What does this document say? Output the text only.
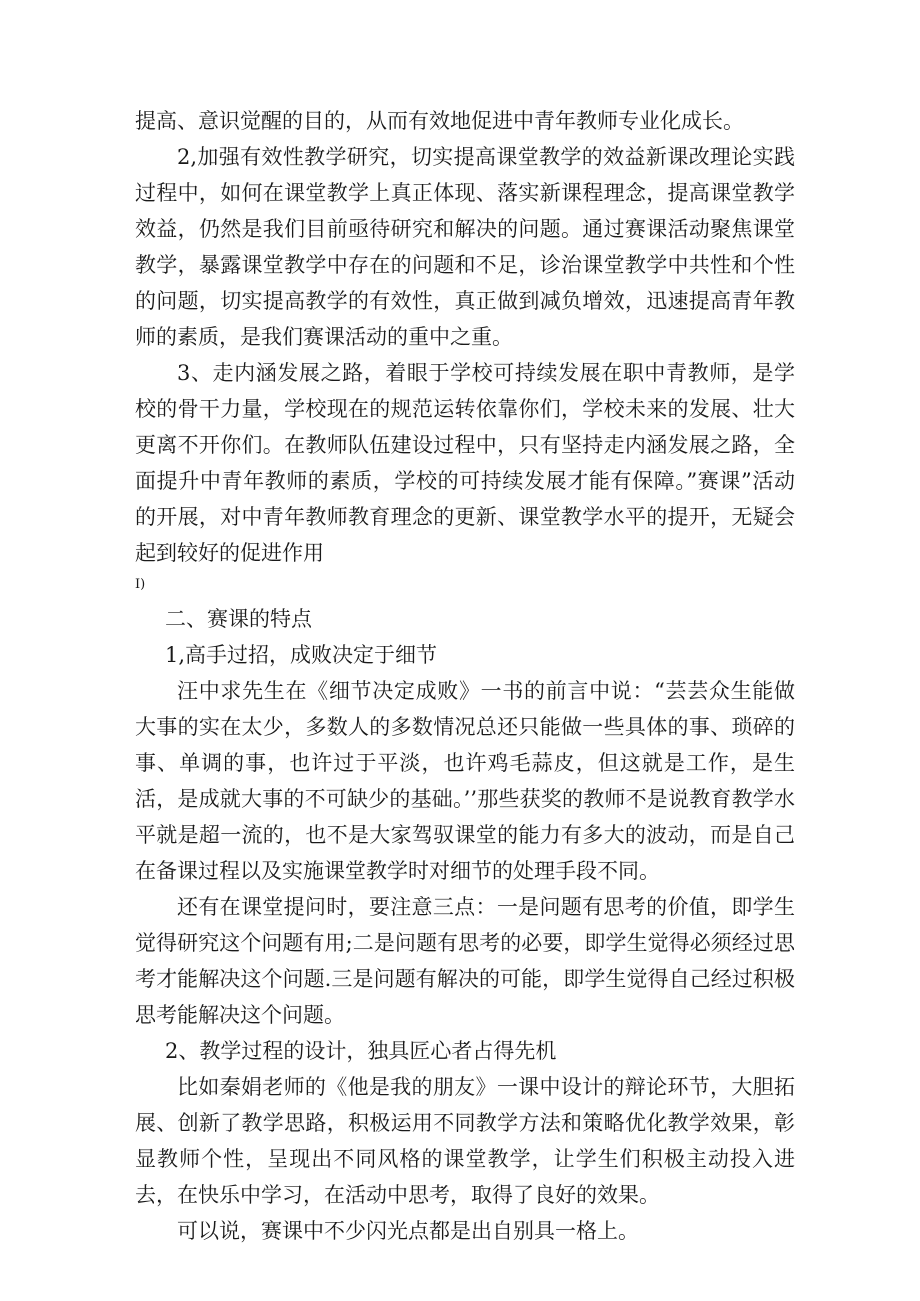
提高、意识觉醒的目的，从而有效地促进中青年教师专业化成长。

2,加强有效性教学研究，切实提高课堂教学的效益新课改理论实践过程中，如何在课堂教学上真正体现、落实新课程理念，提高课堂教学效益，仍然是我们目前亟待研究和解决的问题。通过赛课活动聚焦课堂教学，暴露课堂教学中存在的问题和不足，诊治课堂教学中共性和个性的问题，切实提高教学的有效性，真正做到减负增效，迅速提高青年教师的素质，是我们赛课活动的重中之重。

3、走内涵发展之路，着眼于学校可持续发展在职中青教师，是学校的骨干力量，学校现在的规范运转依靠你们，学校未来的发展、壮大更离不开你们。在教师队伍建设过程中，只有坚持走内涵发展之路，全面提升中青年教师的素质，学校的可持续发展才能有保障。”赛课”活动的开展，对中青年教师教育理念的更新、课堂教学水平的提开，无疑会起到较好的促进作用

I)

二、赛课的特点

1,高手过招，成败决定于细节

汪中求先生在《细节决定成败》一书的前言中说：“芸芸众生能做大事的实在太少，多数人的多数情况总还只能做一些具体的事、琐碎的事、单调的事，也许过于平淡，也许鸡毛蒜皮，但这就是工作，是生活，是成就大事的不可缺少的基础。’’那些获奖的教师不是说教育教学水平就是超一流的，也不是大家驾驭课堂的能力有多大的波动，而是自己在备课过程以及实施课堂教学时对细节的处理手段不同。

还有在课堂提问时，要注意三点：一是问题有思考的价值，即学生觉得研究这个问题有用;二是问题有思考的必要，即学生觉得必须经过思考才能解决这个问题.三是问题有解决的可能，即学生觉得自己经过积极思考能解决这个问题。

2、教学过程的设计，独具匠心者占得先机

比如秦娟老师的《他是我的朋友》一课中设计的辩论环节，大胆拓展、创新了教学思路，积极运用不同教学方法和策略优化教学效果，彰显教师个性，呈现出不同风格的课堂教学，让学生们积极主动投入进去，在快乐中学习，在活动中思考，取得了良好的效果。

可以说，赛课中不少闪光点都是出自别具一格上。
